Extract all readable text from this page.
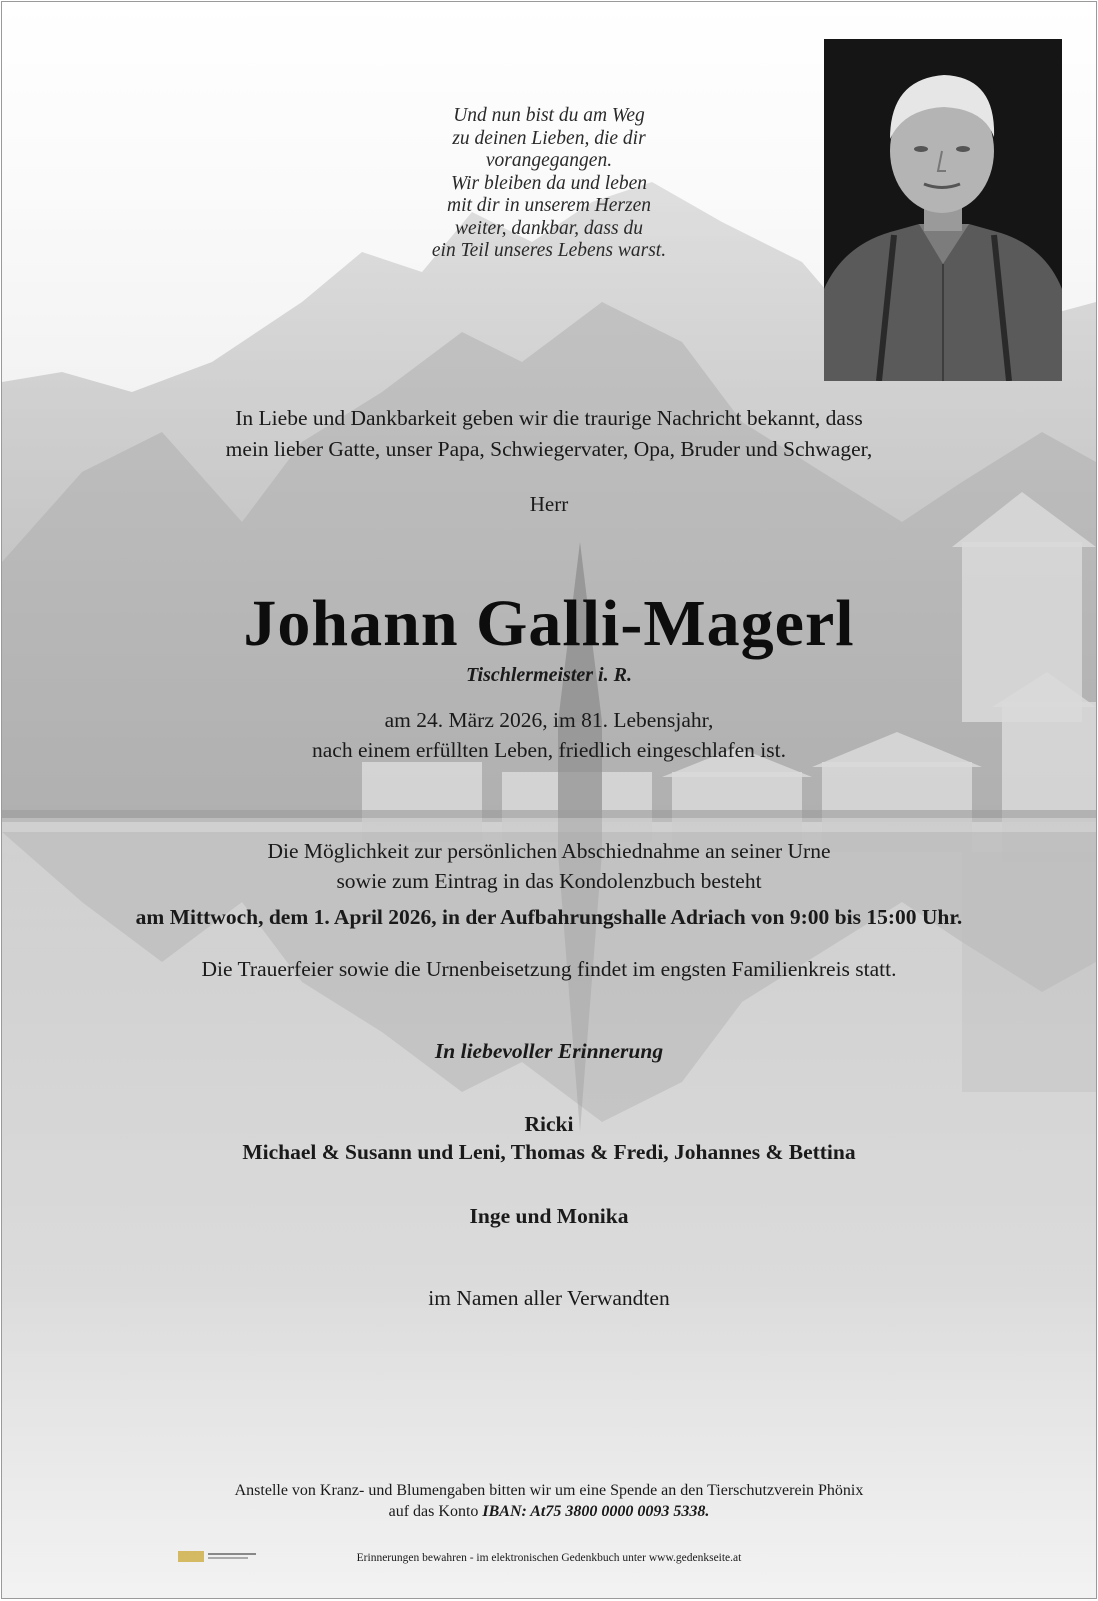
Und nun bist du am Weg
zu deinen Lieben, die dir
vorangegangen.
Wir bleiben da und leben
mit dir in unserem Herzen
weiter, dankbar, dass du
ein Teil unseres Lebens warst.
In Liebe und Dankbarkeit geben wir die traurige Nachricht bekannt, dass
mein lieber Gatte, unser Papa, Schwiegervater, Opa, Bruder und Schwager,
Herr
Johann Galli-Magerl
Tischlermeister i. R.
am 24. März 2026, im 81. Lebensjahr,
nach einem erfüllten Leben, friedlich eingeschlafen ist.
Die Möglichkeit zur persönlichen Abschiednahme an seiner Urne
sowie zum Eintrag in das Kondolenzbuch besteht
am Mittwoch, dem 1. April 2026, in der Aufbahrungshalle Adriach von 9:00 bis 15:00 Uhr.
Die Trauerfeier sowie die Urnenbeisetzung findet im engsten Familienkreis statt.
In liebevoller Erinnerung
Ricki
Michael & Susann und Leni, Thomas & Fredi, Johannes & Bettina
Inge und Monika
im Namen aller Verwandten
Anstelle von Kranz- und Blumengaben bitten wir um eine Spende an den Tierschutzverein Phönix
auf das Konto IBAN: At75 3800 0000 0093 5338.
Erinnerungen bewahren - im elektronischen Gedenkbuch unter www.gedenkseite.at
